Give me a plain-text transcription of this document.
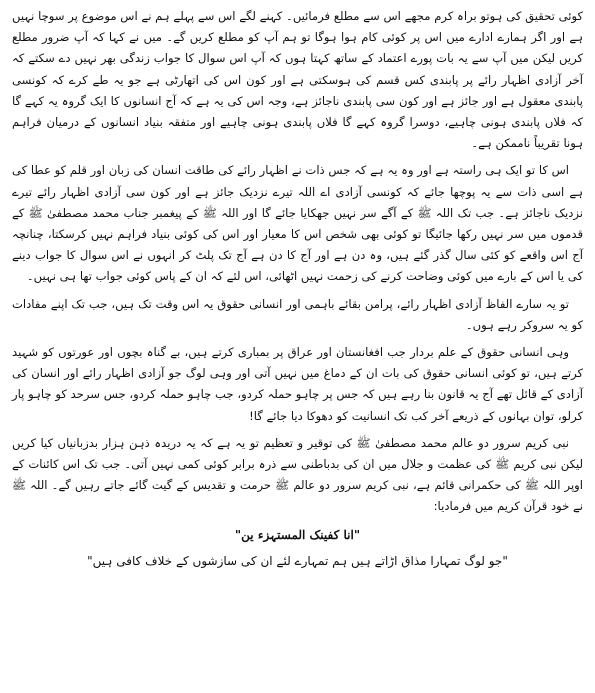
کوئی تحقیق کی ہوتو براہ کرم مجھے اس سے مطلع فرمائیں۔ کہنے لگے اس سے پہلے ہم نے اس موضوع پر سوچا نہیں ہے اور اگر ہمارے ادارے میں اس پر کوئی کام ہوا ہوگا تو ہم آپ کو مطلع کریں گے۔ میں نے کہا کہ آپ ضرور مطلع کریں لیکن میں آپ سے یہ بات پورے اعتماد کے ساتھ کہتا ہوں کہ آپ اس سوال کا جواب زندگی بھر نہیں دے سکتے کہ آخر آزادی اظہار رائے پر پابندی کس قسم کی ہوسکتی ہے اور کون اس کی اتھارٹی ہے جو یہ طے کرے کہ کونسی پابندی معقول ہے اور جائز ہے اور کون سی پابندی ناجائز ہے، وجہ اس کی یہ ہے کہ آج انسانوں کا ایک گروہ یہ کہے گا کہ فلاں پابندی ہونی چاہیے، دوسرا گروہ کہے گا فلاں پابندی ہونی چاہیے اور متفقہ بنیاد انسانوں کے درمیان فراہم ہونا تقریباً ناممکن ہے۔

اس کا تو ایک ہی راستہ ہے اور وہ یہ ہے کہ جس ذات نے اظہار رائے کی طاقت انسان کی زبان اور قلم کو عطا کی ہے اسی ذات سے یہ پوچھا جائے کہ کونسی آزادی اے اللہ تیرے نزدیک جائز ہے اور کون سی آزادی اظہار رائے تیرے نزدیک ناجائز ہے۔ جب تک اللہ ﷺ کے آگے سر نہیں جھکایا جائے گا اور اللہ ﷺ کے پیغمبر جناب محمد مصطفیٰ ﷺ کے قدموں میں سر نہیں رکھا جائیگا تو کوئی بھی شخص اس کا معیار اور اس کی کوئی بنیاد فراہم نہیں کرسکتا، چنانچہ آج اس واقعے کو کئی سال گذر گئے ہیں، وہ دن ہے اور آج کا دن ہے آج تک پلٹ کر انہوں نے اس سوال کا جواب دینے کی یا اس کے بارے میں کوئی وضاحت کرنے کی زحمت نہیں اٹھائی، اس لئے کہ ان کے پاس کوئی جواب تھا ہی نہیں۔

تو یہ سارے الفاظ آزادی اظہار رائے، پرامن بقائے باہمی اور انسانی حقوق یہ اس وقت تک ہیں، جب تک اپنے مفادات کو یہ سروکر رہے ہوں۔

وہی انسانی حقوق کے علم بردار جب افغانستان اور عراق پر بمباری کرتے ہیں، بے گناہ بچوں اور عورتوں کو شہید کرتے ہیں، تو کوئی انسانی حقوق کی بات ان کے دماغ میں نہیں آتی اور وہی لوگ جو آزادی اظہار رائے اور انسان کی آزادی کے قائل تھے آج یہ قانون بنا رہے ہیں کہ جس پر چاہو حملہ کردو، جب چاہو حملہ کردو، جس سرحد کو چاہو پار کرلو، توان بہانوں کے ذریعے آخر کب تک انسانیت کو دھوکا دیا جائے گا!

نبی کریم سرور دو عالم محمد مصطفیٰ ﷺ کی توقیر و تعظیم تو یہ ہے کہ یہ دریدہ ذہن ہزار بدزبانیاں کیا کریں لیکن نبی کریم ﷺ کی عظمت و جلال میں ان کی بدباطنی سے ذرہ برابر کوئی کمی نہیں آتی۔ جب تک اس کائنات کے اوپر اللہ ﷺ کی حکمرانی قائم ہے، نبی کریم سرور دو عالم ﷺ حرمت و تقدیس کے گیت گائے جاتے رہیں گے۔ اللہ ﷺ نے خود قرآن کریم میں فرمادیا:

"انا کفینک المستہزء ین"

"جو لوگ تمہارا مذاق اڑاتے ہیں ہم تمہارے لئے ان کی سازشوں کے خلاف کافی ہیں"
